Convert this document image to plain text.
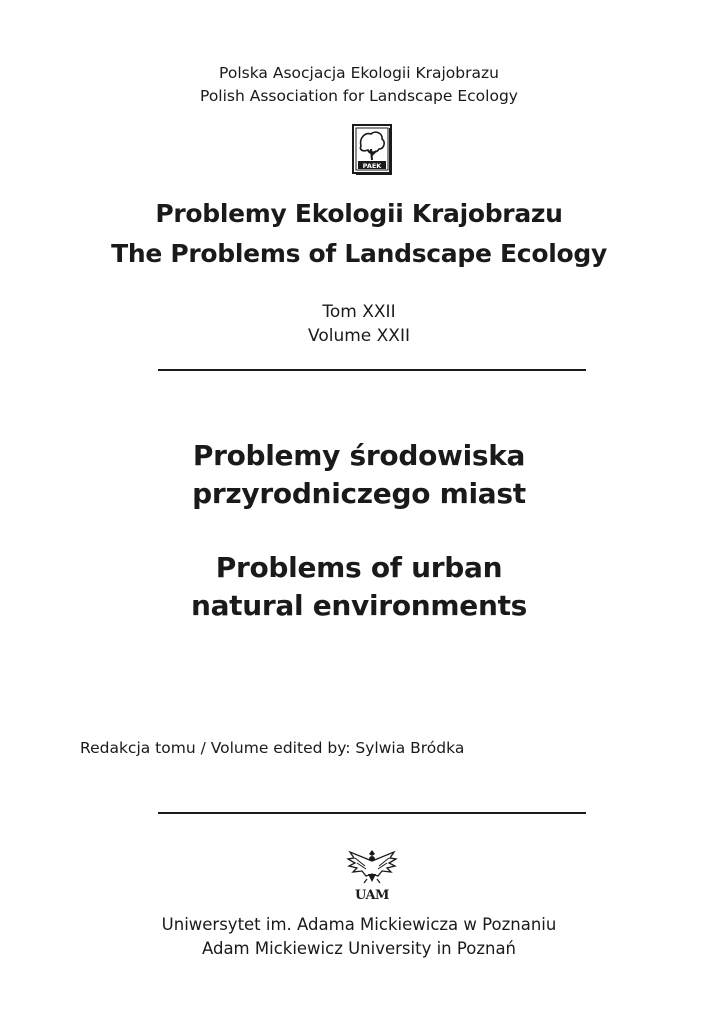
Polska Asocjacja Ekologii Krajobrazu
Polish Association for Landscape Ecology
PAEK
Problemy Ekologii Krajobrazu
The Problems of Landscape Ecology
Tom XXII
Volume XXII
Problemy środowiska
przyrodniczego miast
Problems of urban
natural environments
Redakcja tomu / Volume edited by: Sylwia Bródka
UAM
Uniwersytet im. Adama Mickiewicza w Poznaniu
Adam Mickiewicz University in Poznań
